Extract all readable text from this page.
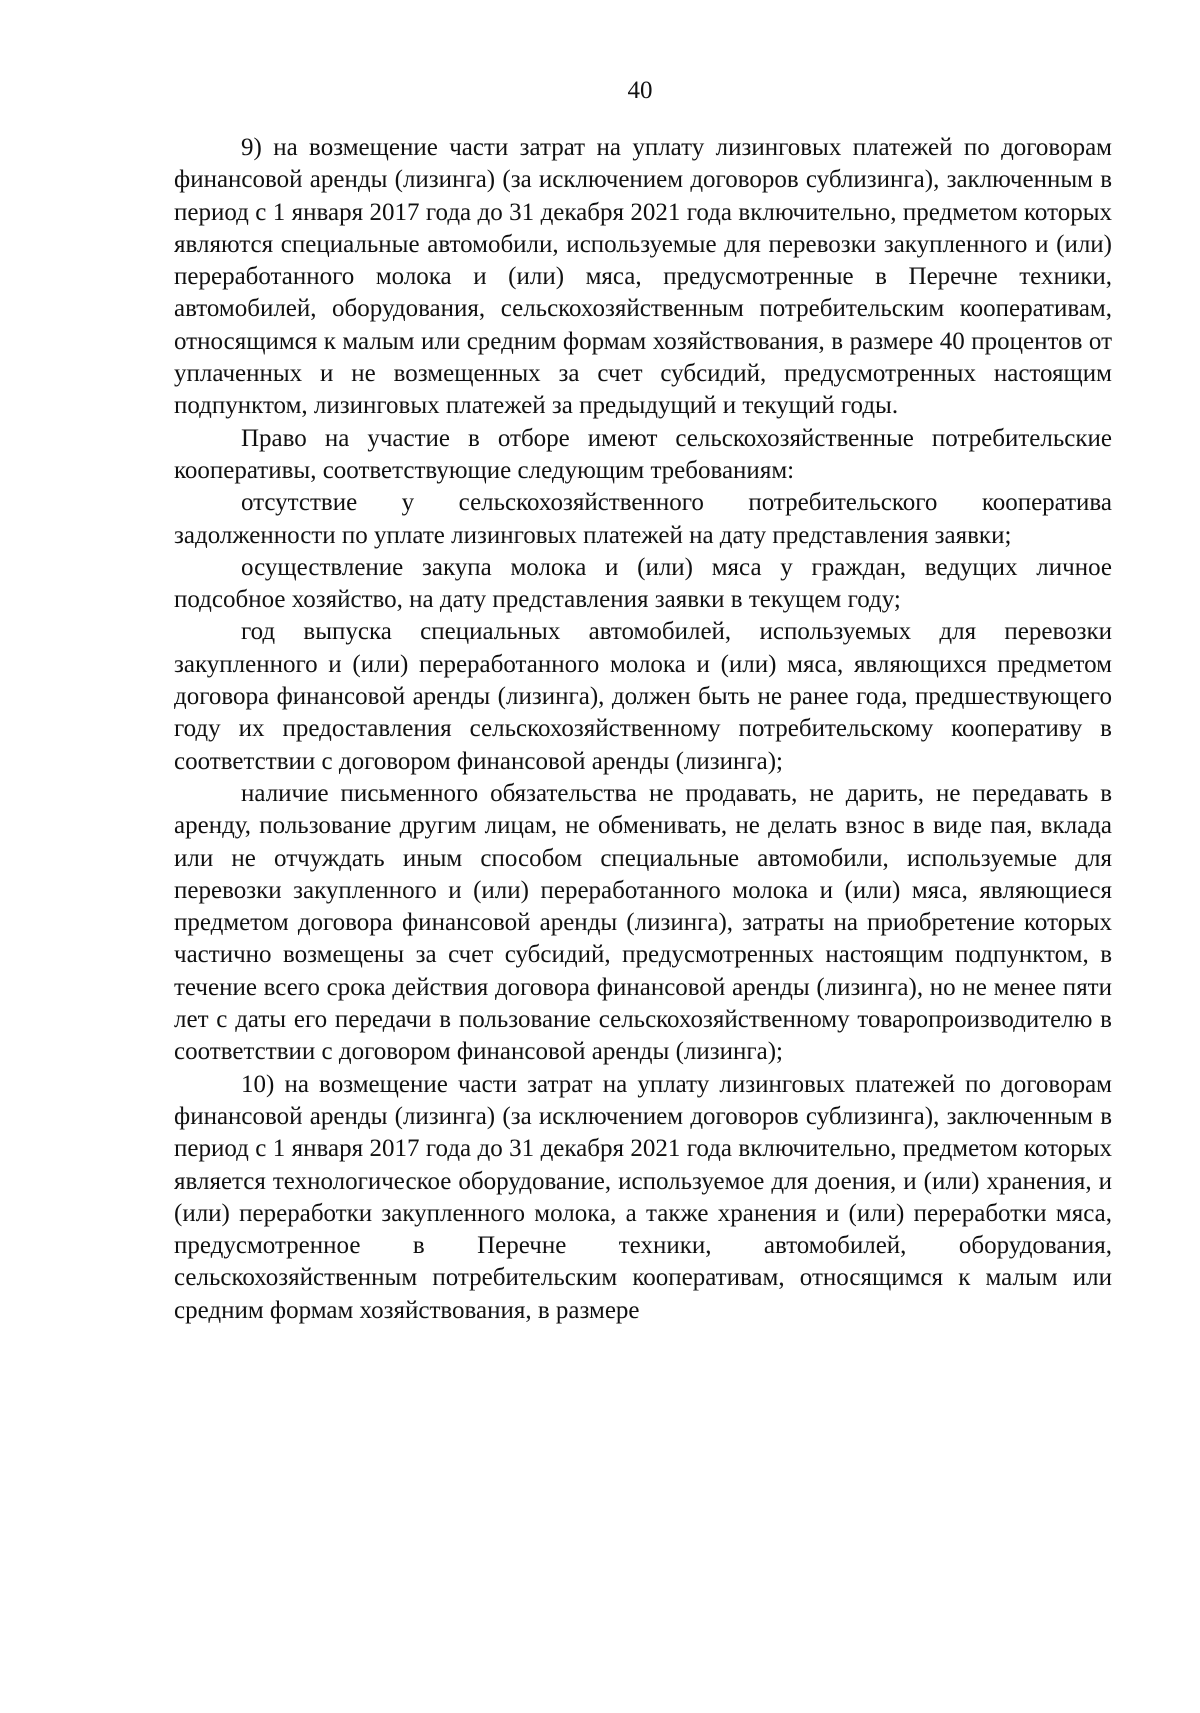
40

9) на возмещение части затрат на уплату лизинговых платежей по договорам финансовой аренды (лизинга) (за исключением договоров сублизинга), заключенным в период с 1 января 2017 года до 31 декабря 2021 года включительно, предметом которых являются специальные автомобили, используемые для перевозки закупленного и (или) переработанного молока и (или) мяса, предусмотренные в Перечне техники, автомобилей, оборудования, сельскохозяйственным потребительским кооперативам, относящимся к малым или средним формам хозяйствования, в размере 40 процентов от уплаченных и не возмещенных за счет субсидий, предусмотренных настоящим подпунктом, лизинговых платежей за предыдущий и текущий годы.

Право на участие в отборе имеют сельскохозяйственные потребительские кооперативы, соответствующие следующим требованиям:

отсутствие у сельскохозяйственного потребительского кооператива задолженности по уплате лизинговых платежей на дату представления заявки;

осуществление закупа молока и (или) мяса у граждан, ведущих личное подсобное хозяйство, на дату представления заявки в текущем году;

год выпуска специальных автомобилей, используемых для перевозки закупленного и (или) переработанного молока и (или) мяса, являющихся предметом договора финансовой аренды (лизинга), должен быть не ранее года, предшествующего году их предоставления сельскохозяйственному потребительскому кооперативу в соответствии с договором финансовой аренды (лизинга);

наличие письменного обязательства не продавать, не дарить, не передавать в аренду, пользование другим лицам, не обменивать, не делать взнос в виде пая, вклада или не отчуждать иным способом специальные автомобили, используемые для перевозки закупленного и (или) переработанного молока и (или) мяса, являющиеся предметом договора финансовой аренды (лизинга), затраты на приобретение которых частично возмещены за счет субсидий, предусмотренных настоящим подпунктом, в течение всего срока действия договора финансовой аренды (лизинга), но не менее пяти лет с даты его передачи в пользование сельскохозяйственному товаропроизводителю в соответствии с договором финансовой аренды (лизинга);

10) на возмещение части затрат на уплату лизинговых платежей по договорам финансовой аренды (лизинга) (за исключением договоров сублизинга), заключенным в период с 1 января 2017 года до 31 декабря 2021 года включительно, предметом которых является технологическое оборудование, используемое для доения, и (или) хранения, и (или) переработки закупленного молока, а также хранения и (или) переработки мяса, предусмотренное в Перечне техники, автомобилей, оборудования, сельскохозяйственным потребительским кооперативам, относящимся к малым или средним формам хозяйствования, в размере
